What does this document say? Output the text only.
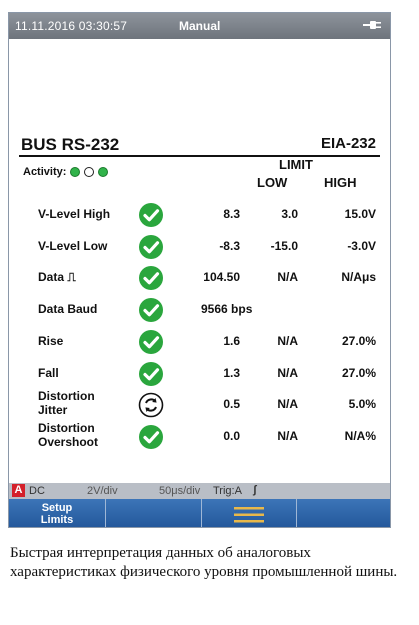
11.11.2016 03:30:57	Manual
BUS RS-232	EIA-232
Activity:	LIMIT
LOW	HIGH
V-Level High	8.3	3.0	15.0V
V-Level Low	-8.3	-15.0	-3.0V
Data ⎍	104.50	N/A	N/Aμs
Data Baud	9566 bps
Rise	1.6	N/A	27.0%
Fall	1.3	N/A	27.0%
Distortion
Jitter	0.5	N/A	5.0%
Distortion
Overshoot	0.0	N/A	N/A%
A DC	2V/div	50μs/div Trig:A ʃ
Setup
Limits
Быстрая интерпретация данных об аналоговых характеристиках физического уровня промышленной шины.
